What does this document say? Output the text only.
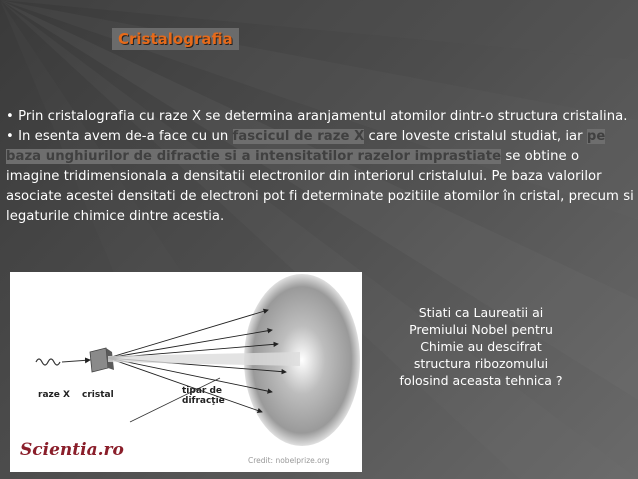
Cristalografia
• Prin cristalografia cu raze X se determina aranjamentul atomilor dintr-o structura cristalina.
• In esenta avem de-a face cu un fascicul de raze X care loveste cristalul studiat, iar pe baza unghiurilor de difractie si a intensitatilor razelor imprastiate se obtine o imagine tridimensionala a densitatii electronilor din interiorul cristalului. Pe baza valorilor asociate acestei densitati de electroni pot fi determinate pozitiile atomilor în cristal, precum si legaturile chimice dintre acestia.
raze X cristal	tipar de difracţie
Scientia.ro
Credit: nobelprize.org
Stiati ca Laureatii ai Premiului Nobel pentru Chimie au descifrat structura ribozomului folosind aceasta tehnica ?
